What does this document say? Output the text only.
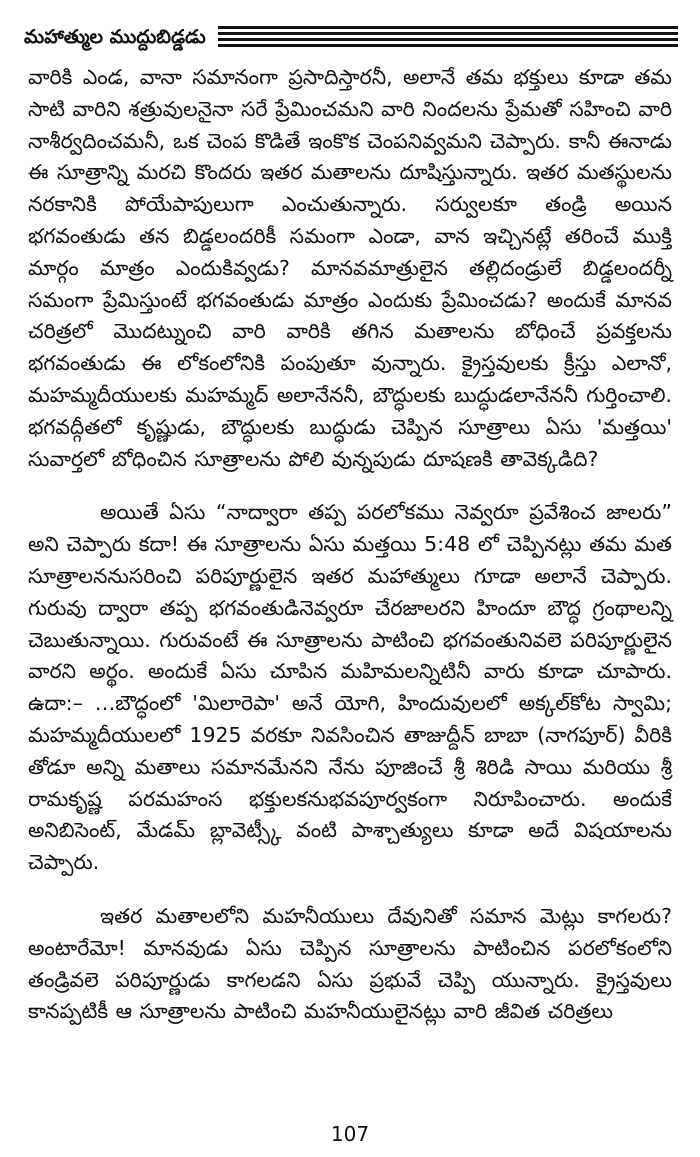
మహాత్ముల ముద్దుబిడ్డడు

వారికి ఎండ, వానా సమానంగా ప్రసాదిస్తారనీ, అలానే తమ భక్తులు కూడా తమ సాటి వారిని శత్రువులనైనా సరే ప్రేమించమని వారి నిందలను ప్రేమతో సహించి వారి నాశీర్వదించమనీ, ఒక చెంప కొడితే ఇంకొక చెంపనివ్వమని చెప్పారు. కానీ ఈనాడు ఈ సూత్రాన్ని మరచి కొందరు ఇతర మతాలను దూషిస్తున్నారు. ఇతర మతస్థులను నరకానికి పోయేపాపులుగా ఎంచుతున్నారు. సర్వులకూ తండ్రి అయిన భగవంతుడు తన బిడ్డలందరికీ సమంగా ఎండా, వాన ఇచ్చినట్లే తరించే ముక్తి మార్గం మాత్రం ఎందుకివ్వడు? మానవమాత్రులైన తల్లిదండ్రులే బిడ్డలందర్నీ సమంగా ప్రేమిస్తుంటే భగవంతుడు మాత్రం ఎందుకు ప్రేమించడు? అందుకే మానవ చరిత్రలో మొదట్నుంచి వారి వారికి తగిన మతాలను బోధించే ప్రవక్తలను భగవంతుడు ఈ లోకంలోనికి పంపుతూ వున్నారు. క్రైస్తవులకు క్రీస్తు ఎలానో, మహమ్మదీయులకు మహమ్మద్ అలానేననీ, బౌద్ధులకు బుద్ధుడలానేననీ గుర్తించాలి. భగవద్గీతలో కృష్ణుడు, బౌద్ధులకు బుద్ధుడు చెప్పిన సూత్రాలు ఏసు 'మత్తయి' సువార్తలో బోధించిన సూత్రాలను పోలి వున్నపుడు దూషణకి తావెక్కడిది?

అయితే ఏసు “నాద్వారా తప్ప పరలోకము నెవ్వరూ ప్రవేశించ జాలరు” అని చెప్పారు కదా! ఈ సూత్రాలను ఏసు మత్తయి 5:48 లో చెప్పినట్లు తమ మత సూత్రాలననుసరించి పరిపూర్ణులైన ఇతర మహాత్ములు గూడా అలానే చెప్పారు. గురువు ద్వారా తప్ప భగవంతుడినెవ్వరూ చేరజాలరని హిందూ బౌద్ధ గ్రంథాలన్ని చెబుతున్నాయి. గురువంటే ఈ సూత్రాలను పాటించి భగవంతునివలె పరిపూర్ణులైన వారని అర్థం. అందుకే ఏసు చూపిన మహిమలన్నిటినీ వారు కూడా చూపారు. ఉదా:– …బౌద్ధంలో 'మిలారెపా' అనే యోగి, హిందువులలో అక్కల్‌కోట స్వామి; మహమ్మదీయులలో 1925 వరకూ నివసించిన తాజుద్దీన్ బాబా (నాగపూర్) వీరికి తోడూ అన్ని మతాలు సమానమేనని నేను పూజించే శ్రీ శిరిడి సాయి మరియు శ్రీ రామకృష్ణ పరమహంస భక్తులకనుభవపూర్వకంగా నిరూపించారు. అందుకే అనిబిసెంట్, మేడమ్ బ్లావెట్స్కీ వంటి పాశ్చాత్యులు కూడా అదే విషయాలను చెప్పారు.

ఇతర మతాలలోని మహనీయులు దేవునితో సమాన మెట్లు కాగలరు? అంటారేమో! మానవుడు ఏసు చెప్పిన సూత్రాలను పాటించిన పరలోకంలోని తండ్రివలె పరిపూర్ణుడు కాగలడని ఏసు ప్రభువే చెప్పి యున్నారు. క్రైస్తవులు కానప్పటికీ ఆ సూత్రాలను పాటించి మహనీయులైనట్లు వారి జీవిత చరిత్రలు

107
